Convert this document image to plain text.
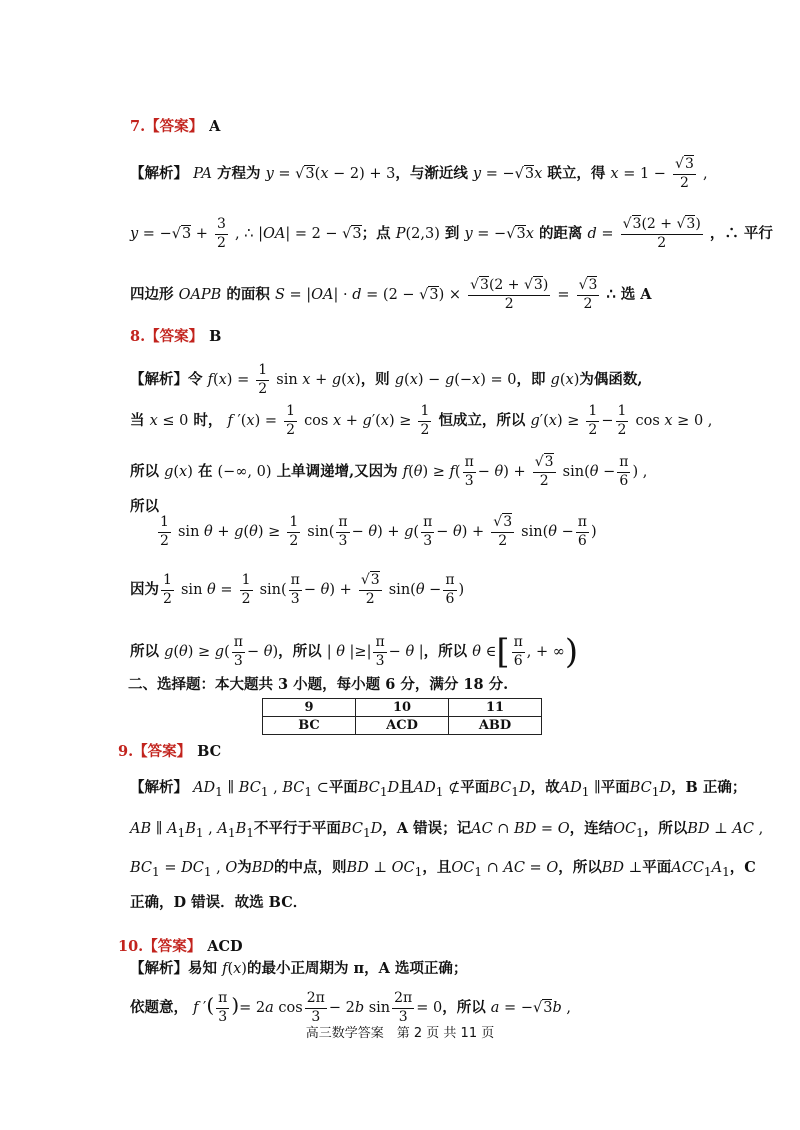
7.【答案】 A
【解析】 PA 方程为 y = √3(x − 2) + 3，与渐近线 y = −√3x 联立，得 $x = 1 - \frac{√3}{2}$ ,
$y = -√3 + \frac{3}{2}$ , ∴ |OA| = 2 − √3；点 P(2,3) 到 y = −√3x 的距离 $d = \frac{√3(2 + √3)}{2}$ ，∴ 平行
四边形 OAPB 的面积 $S = |OA| \cdot d = (2 - √3) \times \frac{√3(2 + √3)}{2} = \frac{√3}{2}$ ∴ 选 A
8.【答案】 B
【解析】令 $f(x) = \frac{1}{2}$ sin x + g(x)，则 g(x) − g(−x) = 0，即 g(x)为偶函数,
当 x ≤ 0 时， f $'(x) = \frac{1}{2}$ $\cos x + g'(x) \ge \frac{1}{2}$ 恒成立，所以 $g'(x) \ge \frac{1}{2} - \frac{1}{2}$ cos x ≥ 0 ,
所以 g(x) 在 (−∞, 0) 上单调递增,又因为 $f(\theta) \ge f( \frac{\pi}{3} - \theta) + \frac{√3}{2} \sin(\theta - \frac{\pi}{6}$ ) ,
所以
$\frac{1}{2}$ $\sin \theta + g(\theta) \ge \frac{1}{2} \sin( \frac{\pi}{3} - \theta) + g( \frac{\pi}{3} - \theta) + \frac{√3}{2} \sin(\theta - \frac{\pi}{6}$ )
因为 $\frac{1}{2}$ $\sin \theta = \frac{1}{2} \sin( \frac{\pi}{3} - \theta) + \frac{√3}{2} \sin(\theta - \frac{\pi}{6}$ )
所以 $g(\theta) \ge g( \frac{\pi}{3} - \theta)$，所以 | θ |≥| $\frac{\pi}{3} - \theta$ |，所以 θ ∈[ $\frac{\pi}{6}$ , + ∞)
二、选择题：本大题共 3 小题，每小题 6 分，满分 18 分.
9	10	11
BC	ACD	ABD
9.【答案】 BC
【解析】 $AD_1$ ∥ $BC_1$ , $BC_1$ ⊂平面$BC_1D$且$AD_1$ ⊄平面$BC_1D$，故$AD_1$ ∥平面$BC_1D$，B 正确；
AB ∥ $A_1B_1$ , $A_1B_1$不平行于平面$BC_1D$，A 错误；记AC ∩ BD = O，连结$OC_1$，所以BD ⊥ AC ,
$BC_1 = DC_1$ , O为BD的中点，则BD ⊥ $OC_1$，且$OC_1$ ∩ AC = O，所以BD ⊥平面$ACC_1A_1$，C
正确，D 错误．故选 BC．
10.【答案】 ACD
【解析】易知 f(x)的最小正周期为 π，A 选项正确；
依题意， f ′( $\frac{\pi}{3}$ )= 2a $\cos \frac{2\pi}{3} - 2b$ $\sin \frac{2\pi}{3} = 0$，所以 a = −√3b ,
高三数学答案　第 2 页 共 11 页
